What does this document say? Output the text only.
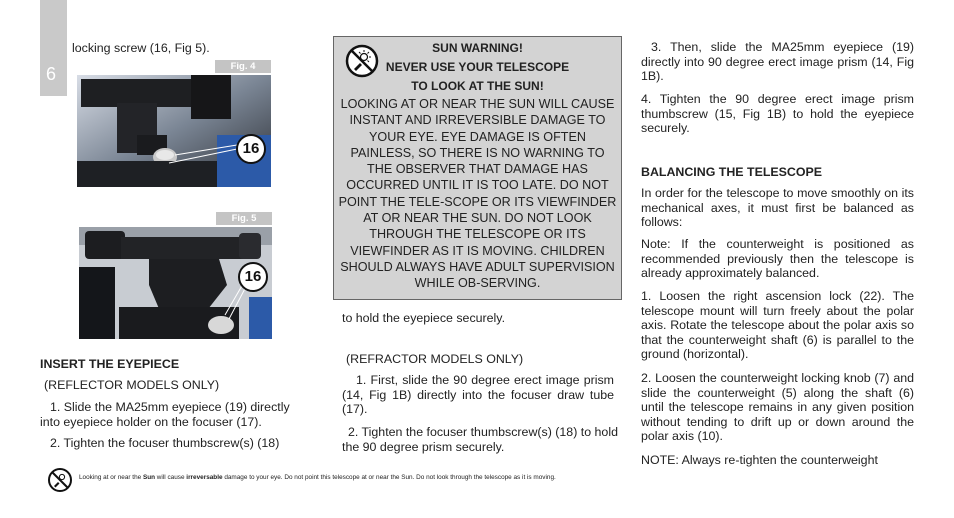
6
locking screw (16, Fig 5).
Fig. 4
16
Fig. 5
16
INSERT THE EYEPIECE
(REFLECTOR MODELS ONLY)
1. Slide the MA25mm eyepiece (19) directly into eyepiece holder on the focuser (17).
2. Tighten the focuser thumbscrew(s) (18)
SUN WARNING!
NEVER USE YOUR TELESCOPE
TO LOOK AT THE SUN!
LOOKING AT OR NEAR THE SUN WILL CAUSE INSTANT AND IRREVERSIBLE DAMAGE TO YOUR EYE. EYE DAMAGE IS OFTEN PAINLESS, SO THERE IS NO WARNING TO THE OBSERVER THAT DAMAGE HAS OCCURRED UNTIL IT IS TOO LATE. DO NOT POINT THE TELE-SCOPE OR ITS VIEWFINDER AT OR NEAR THE SUN. DO NOT LOOK THROUGH THE TELESCOPE OR ITS VIEWFINDER AS IT IS MOVING. CHILDREN SHOULD ALWAYS HAVE ADULT SUPERVISION WHILE OB-SERVING.
to hold the eyepiece securely.
(REFRACTOR MODELS ONLY)
1. First, slide the 90 degree erect image prism (14, Fig 1B) directly into the focuser draw tube (17).
2. Tighten the focuser thumbscrew(s) (18) to hold the 90 degree prism securely.
3. Then, slide the MA25mm eyepiece (19) directly into 90 degree erect image prism (14, Fig 1B).
4. Tighten the 90 degree erect image prism thumbscrew (15, Fig 1B) to hold the eyepiece securely.
BALANCING THE TELESCOPE
In order for the telescope to move smoothly on its mechanical axes, it must first be balanced as follows:
Note: If the counterweight is positioned as recommended previously then the telescope is already approximately balanced.
1. Loosen the right ascension lock (22). The telescope mount will turn freely about the polar axis. Rotate the telescope about the polar axis so that the counterweight shaft (6) is parallel to the ground (horizontal).
2. Loosen the counterweight locking knob (7) and slide the counterweight (5) along the shaft (6) until the telescope remains in any given position without tending to drift up or down around the polar axis (10).
NOTE: Always re-tighten the counterweight
Looking at or near the Sun will cause irreversable damage to your eye. Do not point this telescope at or near the Sun. Do not look through the telescope as it is moving.
